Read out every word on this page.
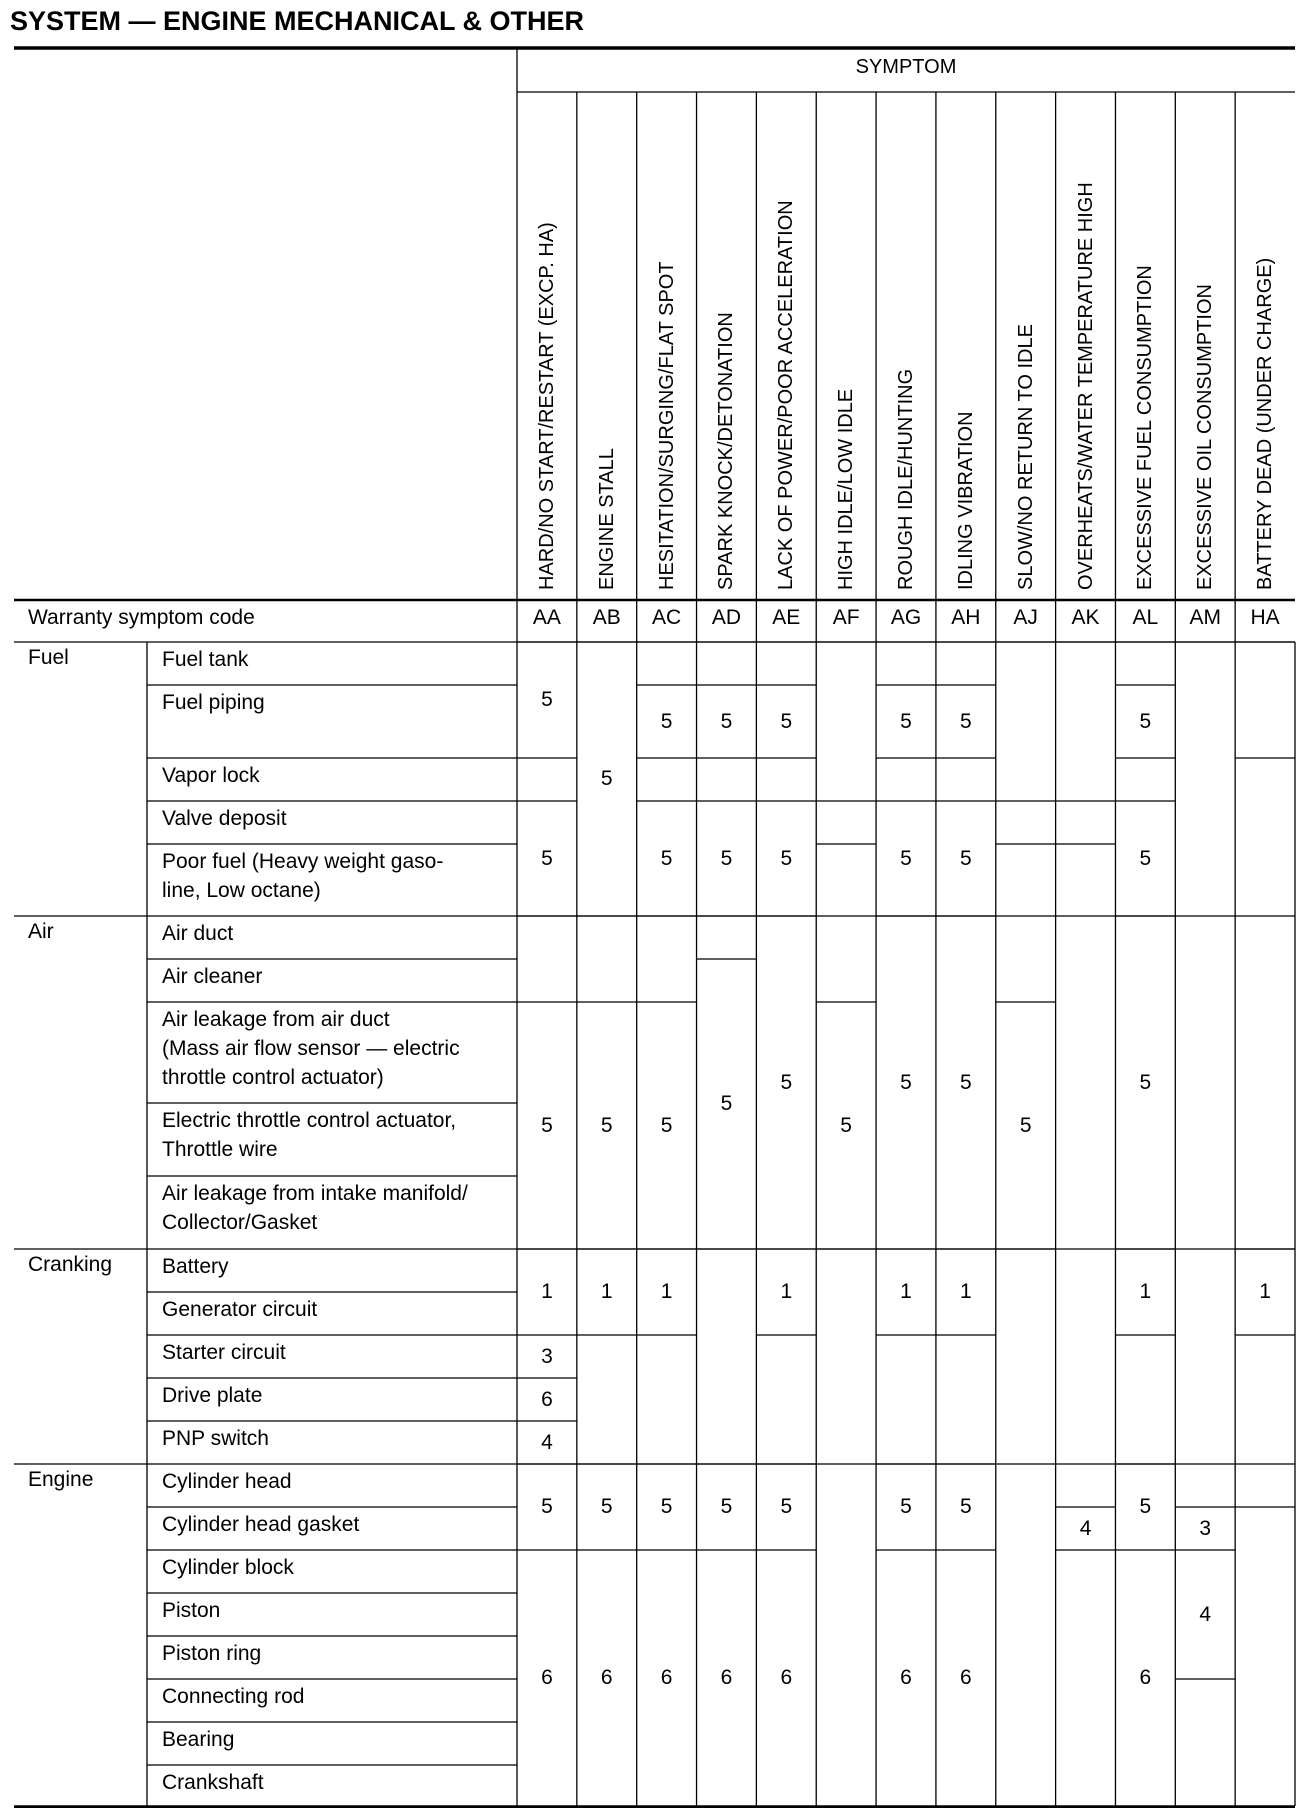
SYSTEM — ENGINE MECHANICAL & OTHER
SYMPTOM
HARD/NO START/RESTART (EXCP. HA)
AA
ENGINE STALL
AB
HESITATION/SURGING/FLAT SPOT
AC
SPARK KNOCK/DETONATION
AD
LACK OF POWER/POOR ACCELERATION
AE
HIGH IDLE/LOW IDLE
AF
ROUGH IDLE/HUNTING
AG
IDLING VIBRATION
AH
SLOW/NO RETURN TO IDLE
AJ
OVERHEATS/WATER TEMPERATURE HIGH
AK
EXCESSIVE FUEL CONSUMPTION
AL
EXCESSIVE OIL CONSUMPTION
AM
BATTERY DEAD (UNDER CHARGE)
HA
Warranty symptom code
Fuel
Air
Cranking
Engine
Fuel tank
Fuel piping
Vapor lock
Valve deposit
Poor fuel (Heavy weight gaso-
line, Low octane)
Air duct
Air cleaner
Air leakage from air duct
(Mass air flow sensor — electric
throttle control actuator)
Electric throttle control actuator,
Throttle wire
Air leakage from intake manifold/
Collector/Gasket
Battery
Generator circuit
Starter circuit
Drive plate
PNP switch
Cylinder head
Cylinder head gasket
Cylinder block
Piston
Piston ring
Connecting rod
Bearing
Crankshaft
5
5
5
1
3
6
4
5
6
5
5
1
5
6
5
5
5
1
5
6
5
5
5
5
6
5
5
5
1
5
6
5
5
5
5
1
5
6
5
5
5
1
5
6
5
4
5
5
5
1
5
6
3
4
1
